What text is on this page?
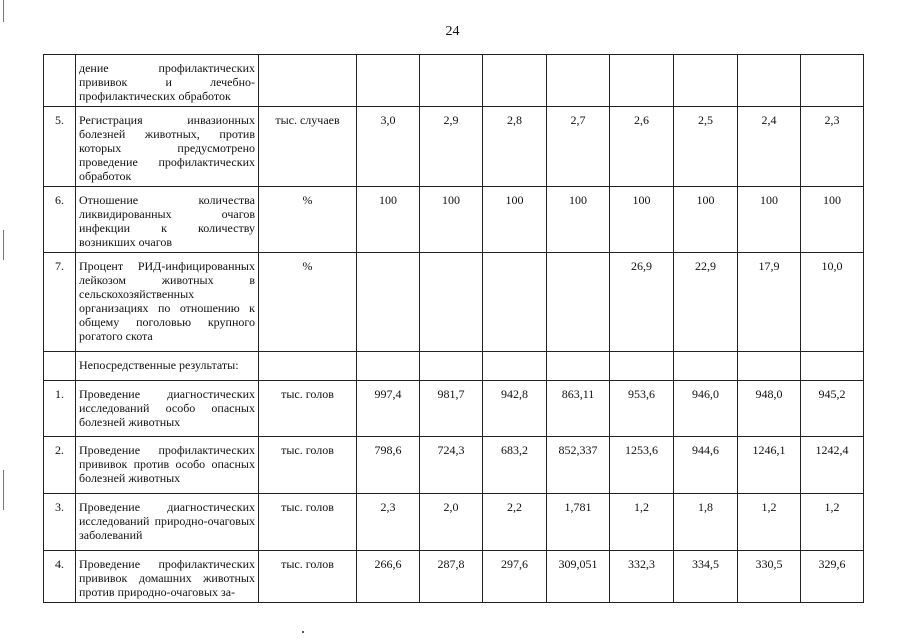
24
	дение профилактических прививок и лечебно-профилактических обработок									
5.	Регистрация инвазионных болезней животных, против которых предусмотрено проведение профилактических обработок	тыс. случаев	3,0	2,9	2,8	2,7	2,6	2,5	2,4	2,3
6.	Отношение количества ликвидированных очагов инфекции к количеству возникших очагов	%	100	100	100	100	100	100	100	100
7.	Процент РИД-инфицированных лейкозом животных в сельскохозяйственных организациях по отношению к общему поголовью крупного рогатого скота	%					26,9	22,9	17,9	10,0
	Непосредственные результаты:									
1.	Проведение диагностических исследований особо опасных болезней животных	тыс. голов	997,4	981,7	942,8	863,11	953,6	946,0	948,0	945,2
2.	Проведение профилактических прививок против особо опасных болезней животных	тыс. голов	798,6	724,3	683,2	852,337	1253,6	944,6	1246,1	1242,4
3.	Проведение диагностических исследований природно-очаговых заболеваний	тыс. голов	2,3	2,0	2,2	1,781	1,2	1,8	1,2	1,2
4.	Проведение профилактических прививок домашних животных против природно-очаговых за-	тыс. голов	266,6	287,8	297,6	309,051	332,3	334,5	330,5	329,6
